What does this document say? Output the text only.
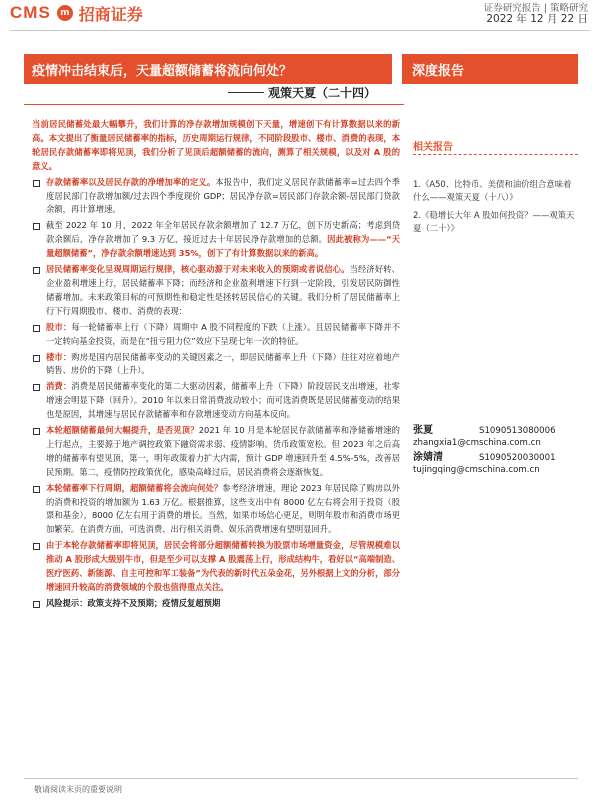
CMS	m 招商证券	证券研究报告 | 策略研究
2022 年 12 月 22 日
疫情冲击结束后，天量超额储蓄将流向何处？	深度报告
观策天夏（二十四）

当前居民储蓄处最大幅攀升，我们计算的净存款增加规模创下天量，增速创下有计算数据以来的新高。本文提出了衡量居民储蓄率的指标，历史周期运行规律，不同阶段股市、楼市、消费的表现，本轮居民存款储蓄率即将见顶，我们分析了见顶后超额储蓄的流向，测算了相关规模，以及对 A 股的意义。

存款储蓄率以及居民存款的净增加率的定义。本报告中，我们定义居民存款储蓄率=过去四个季度居民部门存款增加额/过去四个季度现价 GDP；居民净存款=居民部门存款余额-居民部门贷款余额，再计算增速。

截至 2022 年 10 月，2022 年全年居民存款余额增加了 12.7 万亿，创下历史新高；考虑到贷款余额后，净存款增加了 9.3 万亿，接近过去十年居民净存款增加的总额。因此被称为——“天量超额储蓄”，净存款余额增速达到 35%，创下了有计算数据以来的新高。

居民储蓄率变化呈现周期运行规律，核心驱动源于对未来收入的预期或者说信心。当经济好转、企业盈利增速上行，居民储蓄率下降；而经济和企业盈利增速下行到一定阶段，引发居民防御性储蓄增加。未来政策目标的可预期性和稳定性是拯转居民信心的关键。我们分析了居民储蓄率上行下行周期股市、楼市、消费的表现：

股市：每一轮储蓄率上行（下降）周期中 A 股不同程度的下跌（上涨）。且居民储蓄率下降并不一定转向基金投资，而是在“扭亏阻力位”效应下呈现七年一次的特征。

楼市：购房是国内居民储蓄率变动的关键因素之一，即居民储蓄率上升（下降）往往对应着地产销售、房价的下降（上升）。

消费：消费是居民储蓄率变化的第二大驱动因素，储蓄率上升（下降）阶段居民支出增速，社零增速会明显下降（回升）。2010 年以来日常消费波动较小；而可选消费既是居民储蓄变动的结果也是原因，其增速与居民存款储蓄率和存款增速变动方向基本反向。

本轮超额储蓄最何大幅提升，是否见顶？2021 年 10 月是本轮居民存款储蓄率和净储蓄增速的上行起点，主要源于地产调控政策下融资需求弱、疫情影响、货币政策宽松。但 2023 年之后高增的储蓄率有望见顶，第一，明年政策着力扩大内需，预计 GDP 增速回升至 4.5%-5%，改善居民预期。第二，疫情防控政策优化，感染高峰过后，居民消费将会逐渐恢复。

本轮储蓄率下行周期，超额储蓄将会流向何处？参考经济增速，理论 2023 年居民除了购房以外的消费和投资的增加额为 1.63 万亿。根据推算，这些支出中有 8000 亿左右将会用于投资（股票和基金），8000 亿左右用于消费的增长。当然，如果市场信心更足，则明年股市和消费市场更加繁荣。在消费方面，可选消费、出行相关消费、娱乐消费增速有望明显回升。

由于本轮存款储蓄率即将见顶，居民会将部分超额储蓄转换为股票市场增量资金，尽管规模难以推动 A 股形成大级别牛市，但是至少可以支撑 A 股震荡上行，形成结构牛，看好以“高端制造、医疗医药、新能源、自主可控和军工装备”为代表的新时代五朵金花，另外根据上文的分析，部分增速回升较高的消费领域的个股也值得重点关注。

风险提示：政策支持不及预期；疫情反复超预期

相关报告

1.《A50、比特币、美债和油价组合意味着什么——观策天夏（十八）》

2.《稳增长大年 A 股如何投资？——观策天夏（二十）》

张夏	S1090513080006
zhangxia1@cmschina.com.cn
涂婧清	S1090520030001
tujingqing@cmschina.com.cn
敬请阅读末页的重要说明
